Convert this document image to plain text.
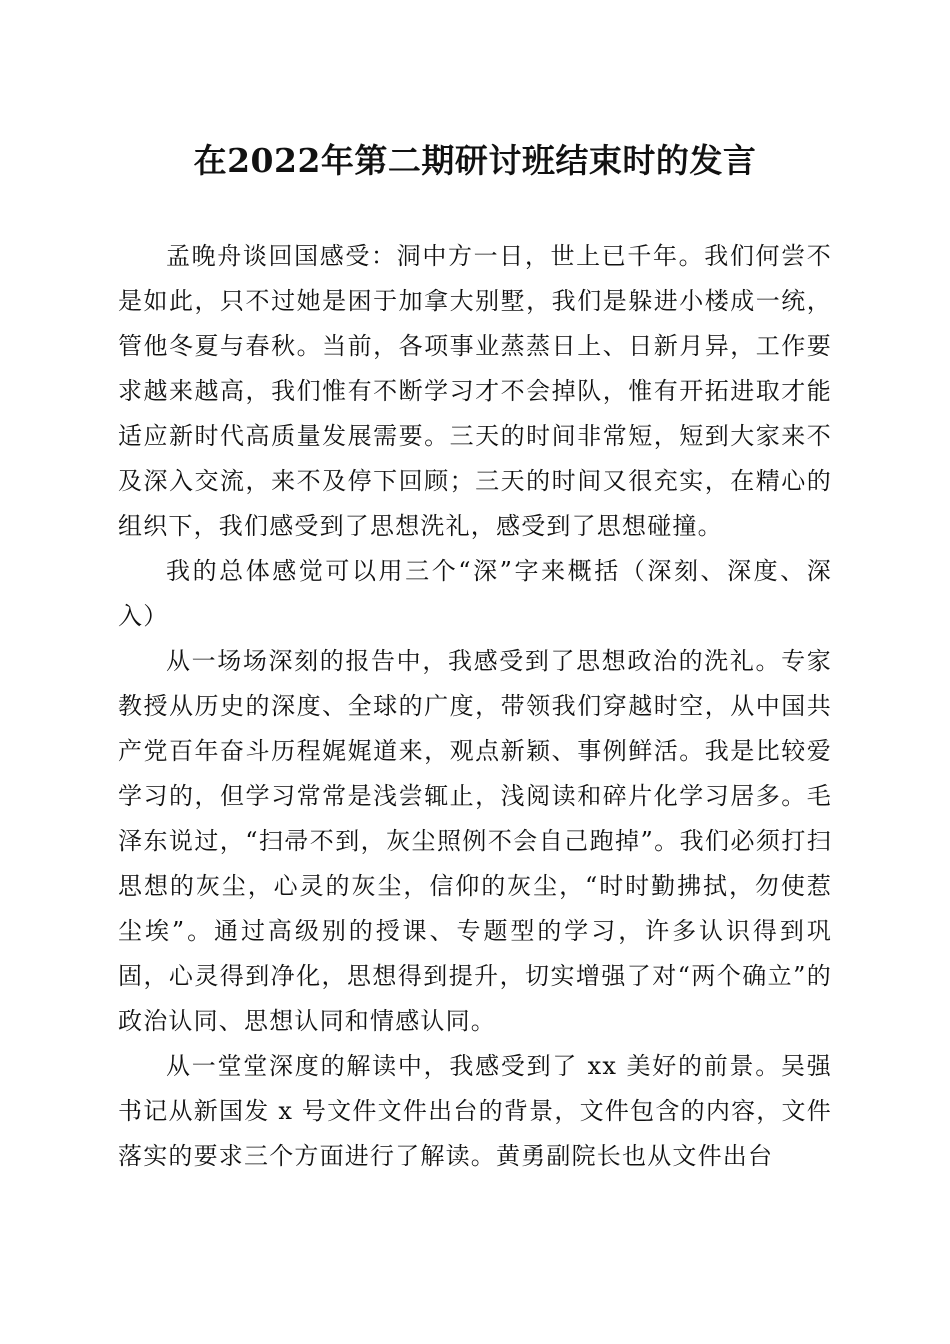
在2022年第二期研讨班结束时的发言

孟晚舟谈回国感受：洞中方一日，世上已千年。我们何尝不是如此，只不过她是困于加拿大别墅，我们是躲进小楼成一统，管他冬夏与春秋。当前，各项事业蒸蒸日上、日新月异，工作要求越来越高，我们惟有不断学习才不会掉队，惟有开拓进取才能适应新时代高质量发展需要。三天的时间非常短，短到大家来不及深入交流，来不及停下回顾；三天的时间又很充实，在精心的组织下，我们感受到了思想洗礼，感受到了思想碰撞。

我的总体感觉可以用三个“深”字来概括（深刻、深度、深入）

从一场场深刻的报告中，我感受到了思想政治的洗礼。专家教授从历史的深度、全球的广度，带领我们穿越时空，从中国共产党百年奋斗历程娓娓道来，观点新颖、事例鲜活。我是比较爱学习的，但学习常常是浅尝辄止，浅阅读和碎片化学习居多。毛泽东说过，“扫帚不到，灰尘照例不会自己跑掉”。我们必须打扫思想的灰尘，心灵的灰尘，信仰的灰尘，“时时勤拂拭，勿使惹尘埃”。通过高级别的授课、专题型的学习，许多认识得到巩固，心灵得到净化，思想得到提升，切实增强了对“两个确立”的政治认同、思想认同和情感认同。

从一堂堂深度的解读中，我感受到了 xx 美好的前景。吴强书记从新国发 x 号文件文件出台的背景，文件包含的内容，文件落实的要求三个方面进行了解读。黄勇副院长也从文件出台
